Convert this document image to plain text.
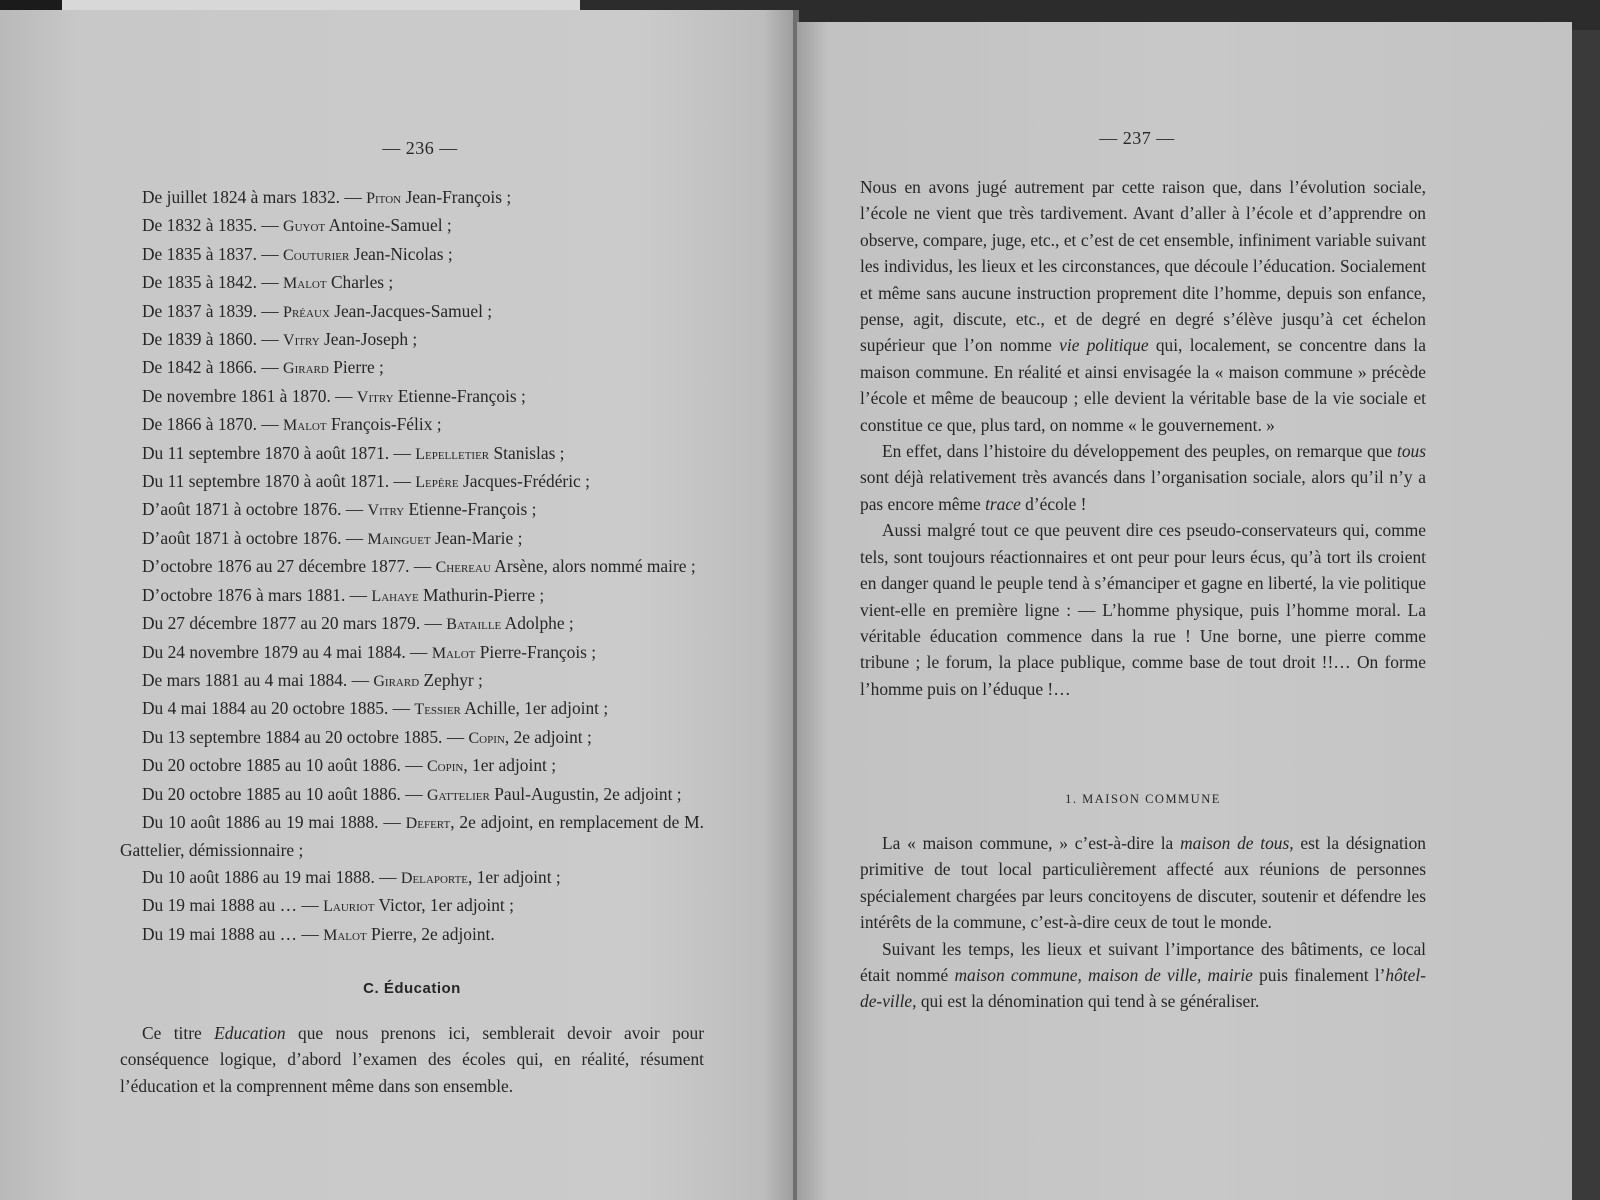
— 236 —

De juillet 1824 à mars 1832. — Piton Jean-François ;

De 1832 à 1835. — Guyot Antoine-Samuel ;

De 1835 à 1837. — Couturier Jean-Nicolas ;

De 1835 à 1842. — Malot Charles ;

De 1837 à 1839. — Préaux Jean-Jacques-Samuel ;

De 1839 à 1860. — Vitry Jean-Joseph ;

De 1842 à 1866. — Girard Pierre ;

De novembre 1861 à 1870. — Vitry Etienne-François ;

De 1866 à 1870. — Malot François-Félix ;

Du 11 septembre 1870 à août 1871. — Lepelletier Stanislas ;

Du 11 septembre 1870 à août 1871. — Lepère Jacques-Frédéric ;

D’août 1871 à octobre 1876. — Vitry Etienne-François ;

D’août 1871 à octobre 1876. — Mainguet Jean-Marie ;

D’octobre 1876 au 27 décembre 1877. — Chereau Arsène, alors nommé maire ;

D’octobre 1876 à mars 1881. — Lahaye Mathurin-Pierre ;

Du 27 décembre 1877 au 20 mars 1879. — Bataille Adolphe ;

Du 24 novembre 1879 au 4 mai 1884. — Malot Pierre-François ;

De mars 1881 au 4 mai 1884. — Girard Zephyr ;

Du 4 mai 1884 au 20 octobre 1885. — Tessier Achille, 1er adjoint ;

Du 13 septembre 1884 au 20 octobre 1885. — Copin, 2e adjoint ;

Du 20 octobre 1885 au 10 août 1886. — Copin, 1er adjoint ;

Du 20 octobre 1885 au 10 août 1886. — Gattelier Paul-Augustin, 2e adjoint ;

Du 10 août 1886 au 19 mai 1888. — Defert, 2e adjoint, en remplacement de M. Gattelier, démissionnaire ;

Du 10 août 1886 au 19 mai 1888. — Delaporte, 1er adjoint ;

Du 19 mai 1888 au … — Lauriot Victor, 1er adjoint ;

Du 19 mai 1888 au … — Malot Pierre, 2e adjoint.

C. Éducation

Ce titre Education que nous prenons ici, semblerait devoir avoir pour conséquence logique, d’abord l’examen des écoles qui, en réalité, résument l’éducation et la comprennent même dans son ensemble.

— 237 —

Nous en avons jugé autrement par cette raison que, dans l’évolution sociale, l’école ne vient que très tardivement. Avant d’aller à l’école et d’apprendre on observe, compare, juge, etc., et c’est de cet ensemble, infiniment variable suivant les individus, les lieux et les circonstances, que découle l’éducation. Socialement et même sans aucune instruction proprement dite l’homme, depuis son enfance, pense, agit, discute, etc., et de degré en degré s’élève jusqu’à cet échelon supérieur que l’on nomme vie politique qui, localement, se concentre dans la maison commune. En réalité et ainsi envisagée la « maison commune » précède l’école et même de beaucoup ; elle devient la véritable base de la vie sociale et constitue ce que, plus tard, on nomme « le gouvernement. »

En effet, dans l’histoire du développement des peuples, on remarque que tous sont déjà relativement très avancés dans l’organisation sociale, alors qu’il n’y a pas encore même trace d’école !

Aussi malgré tout ce que peuvent dire ces pseudo-conservateurs qui, comme tels, sont toujours réactionnaires et ont peur pour leurs écus, qu’à tort ils croient en danger quand le peuple tend à s’émanciper et gagne en liberté, la vie politique vient-elle en première ligne : — L’homme physique, puis l’homme moral. La véritable éducation commence dans la rue ! Une borne, une pierre comme tribune ; le forum, la place publique, comme base de tout droit !!… On forme l’homme puis on l’éduque !…

1. MAISON COMMUNE

La « maison commune, » c’est-à-dire la maison de tous, est la désignation primitive de tout local particulièrement affecté aux réunions de personnes spécialement chargées par leurs concitoyens de discuter, soutenir et défendre les intérêts de la commune, c’est-à-dire ceux de tout le monde.

Suivant les temps, les lieux et suivant l’importance des bâtiments, ce local était nommé maison commune, maison de ville, mairie puis finalement l’hôtel-de-ville, qui est la dénomination qui tend à se généraliser.
